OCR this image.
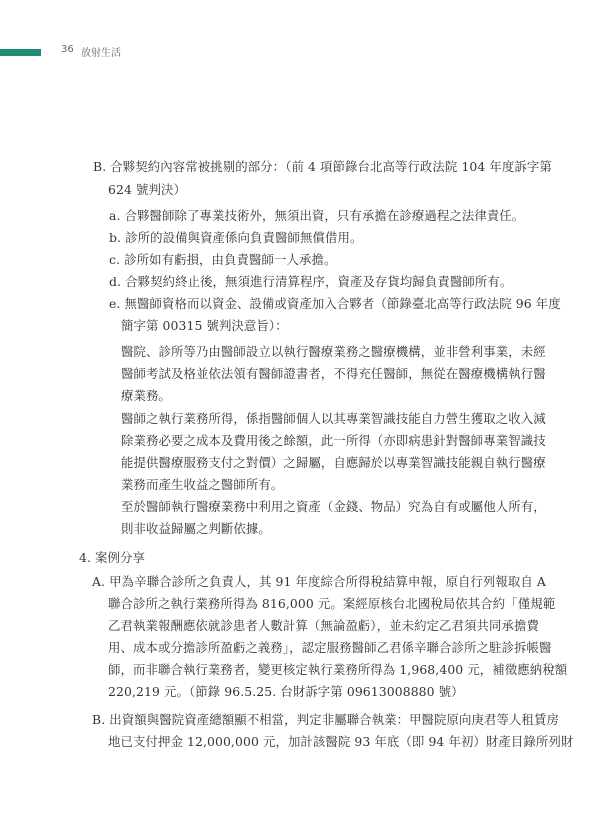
36 放射生活
B. 合夥契約內容常被挑剔的部分：（前 4 項節錄台北高等行政法院 104 年度訴字第
624 號判決）
a. 合夥醫師除了專業技術外，無須出資，只有承擔在診療過程之法律責任。
b. 診所的設備與資產係向負責醫師無償借用。
c. 診所如有虧損，由負責醫師一人承擔。
d. 合夥契約終止後，無須進行清算程序，資產及存貨均歸負責醫師所有。
e. 無醫師資格而以資金、設備或資產加入合夥者（節錄臺北高等行政法院 96 年度
簡字第 00315 號判決意旨）：
醫院、診所等乃由醫師設立以執行醫療業務之醫療機構，並非營利事業，未經
醫師考試及格並依法領有醫師證書者，不得充任醫師，無從在醫療機構執行醫
療業務。
醫師之執行業務所得，係指醫師個人以其專業智識技能自力營生獲取之收入減
除業務必要之成本及費用後之餘額，此一所得（亦即病患針對醫師專業智識技
能提供醫療服務支付之對價）之歸屬，自應歸於以專業智識技能親自執行醫療
業務而產生收益之醫師所有。
至於醫師執行醫療業務中利用之資產（金錢、物品）究為自有或屬他人所有，
則非收益歸屬之判斷依據。
4. 案例分享
A. 甲為辛聯合診所之負責人，其 91 年度綜合所得稅結算申報，原自行列報取自 A
聯合診所之執行業務所得為 816,000 元。案經原核台北國稅局依其合約「僅規範
乙君執業報酬應依就診患者人數計算（無論盈虧），並未約定乙君須共同承擔費
用、成本或分擔診所盈虧之義務」，認定服務醫師乙君係辛聯合診所之駐診拆帳醫
師，而非聯合執行業務者，變更核定執行業務所得為 1,968,400 元，補徵應納稅額
220,219 元。（節錄 96.5.25. 台財訴字第 09613008880 號）
B. 出資額與醫院資產總額顯不相當，判定非屬聯合執業：甲醫院原向庚君等人租賃房
地已支付押金 12,000,000 元，加計該醫院 93 年底（即 94 年初）財產目錄所列財
